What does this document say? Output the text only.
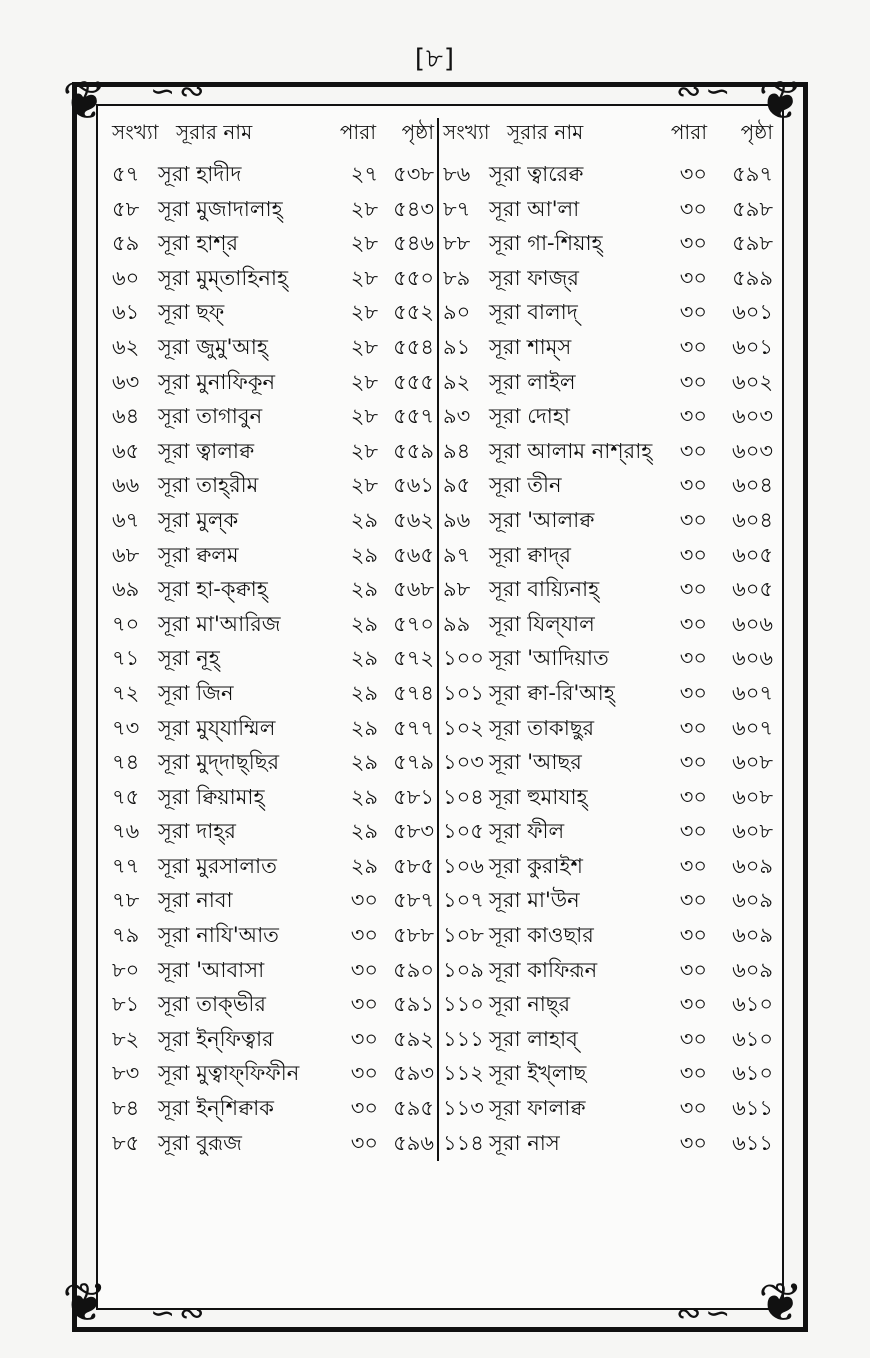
[৮]
❦	❦
❦	❦
∽∾	∾∽
∽∾	∾∽
সংখ্যা সূরার নাম	পারা	পৃষ্ঠা
৫৭ সূরা হাদীদ	২৭ ৫৩৮
৫৮ সূরা মুজাদালাহ্	২৮ ৫৪৩
৫৯ সূরা হাশ্‌র	২৮ ৫৪৬
৬০ সূরা মুম্‌তাহিনাহ্	২৮ ৫৫০
৬১ সূরা ছফ্	২৮ ৫৫২
৬২ সূরা জুমু'আহ্	২৮ ৫৫৪
৬৩ সূরা মুনাফিকূন	২৮ ৫৫৫
৬৪ সূরা তাগাবুন	২৮ ৫৫৭
৬৫ সূরা ত্বালাক্ব	২৮ ৫৫৯
৬৬ সূরা তাহ্‌রীম	২৮ ৫৬১
৬৭ সূরা মুল্‌ক	২৯ ৫৬২
৬৮ সূরা ক্বলম	২৯ ৫৬৫
৬৯ সূরা হা-ক্ক্বাহ্	২৯ ৫৬৮
৭০ সূরা মা'আরিজ	২৯ ৫৭০
৭১ সূরা নূহ্	২৯ ৫৭২
৭২ সূরা জিন	২৯ ৫৭৪
৭৩ সূরা মুয্‌যাম্মিল	২৯ ৫৭৭
৭৪ সূরা মুদ্‌দাছ্‌ছির	২৯ ৫৭৯
৭৫ সূরা ক্বিয়ামাহ্	২৯ ৫৮১
৭৬ সূরা দাহ্‌র	২৯ ৫৮৩
৭৭ সূরা মুরসালাত	২৯ ৫৮৫
৭৮ সূরা নাবা	৩০ ৫৮৭
৭৯ সূরা নাযি'আত	৩০ ৫৮৮
৮০ সূরা 'আবাসা	৩০ ৫৯০
৮১ সূরা তাক্ভীর	৩০ ৫৯১
৮২ সূরা ইন্‌ফিত্বার	৩০ ৫৯২
৮৩ সূরা মুত্বাফ্‌ফিফীন	৩০ ৫৯৩
৮৪ সূরা ইন্‌শিক্বাক	৩০ ৫৯৫
৮৫ সূরা বুরূজ	৩০ ৫৯৬
সংখ্যা সূরার নাম	পারা	পৃষ্ঠা
৮৬ সূরা ত্বারেক্ব	৩০	৫৯৭
৮৭ সূরা আ'লা	৩০	৫৯৮
৮৮ সূরা গা-শিয়াহ্	৩০	৫৯৮
৮৯ সূরা ফাজ্‌র	৩০	৫৯৯
৯০ সূরা বালাদ্	৩০	৬০১
৯১ সূরা শাম্‌স	৩০	৬০১
৯২ সূরা লাইল	৩০	৬০২
৯৩ সূরা দোহা	৩০	৬০৩
৯৪ সূরা আলাম নাশ্‌রাহ্	৩০	৬০৩
৯৫ সূরা তীন	৩০	৬০৪
৯৬ সূরা 'আলাক্ব	৩০	৬০৪
৯৭ সূরা ক্বাদ্‌র	৩০	৬০৫
৯৮ সূরা বায়্যিনাহ্	৩০	৬০৫
৯৯ সূরা যিল্‌যাল	৩০	৬০৬
১০০ সূরা 'আদিয়াত	৩০	৬০৬
১০১ সূরা ক্বা-রি'আহ্	৩০	৬০৭
১০২ সূরা তাকাছুর	৩০	৬০৭
১০৩ সূরা 'আছর	৩০	৬০৮
১০৪ সূরা হুমাযাহ্	৩০	৬০৮
১০৫ সূরা ফীল	৩০	৬০৮
১০৬ সূরা কুরাইশ	৩০	৬০৯
১০৭ সূরা মা'উন	৩০	৬০৯
১০৮ সূরা কাওছার	৩০	৬০৯
১০৯ সূরা কাফিরূন	৩০	৬০৯
১১০ সূরা নাছ্‌র	৩০	৬১০
১১১ সূরা লাহাব্	৩০	৬১০
১১২ সূরা ইখ্‌লাছ	৩০	৬১০
১১৩ সূরা ফালাক্ব	৩০	৬১১
১১৪ সূরা নাস	৩০	৬১১
